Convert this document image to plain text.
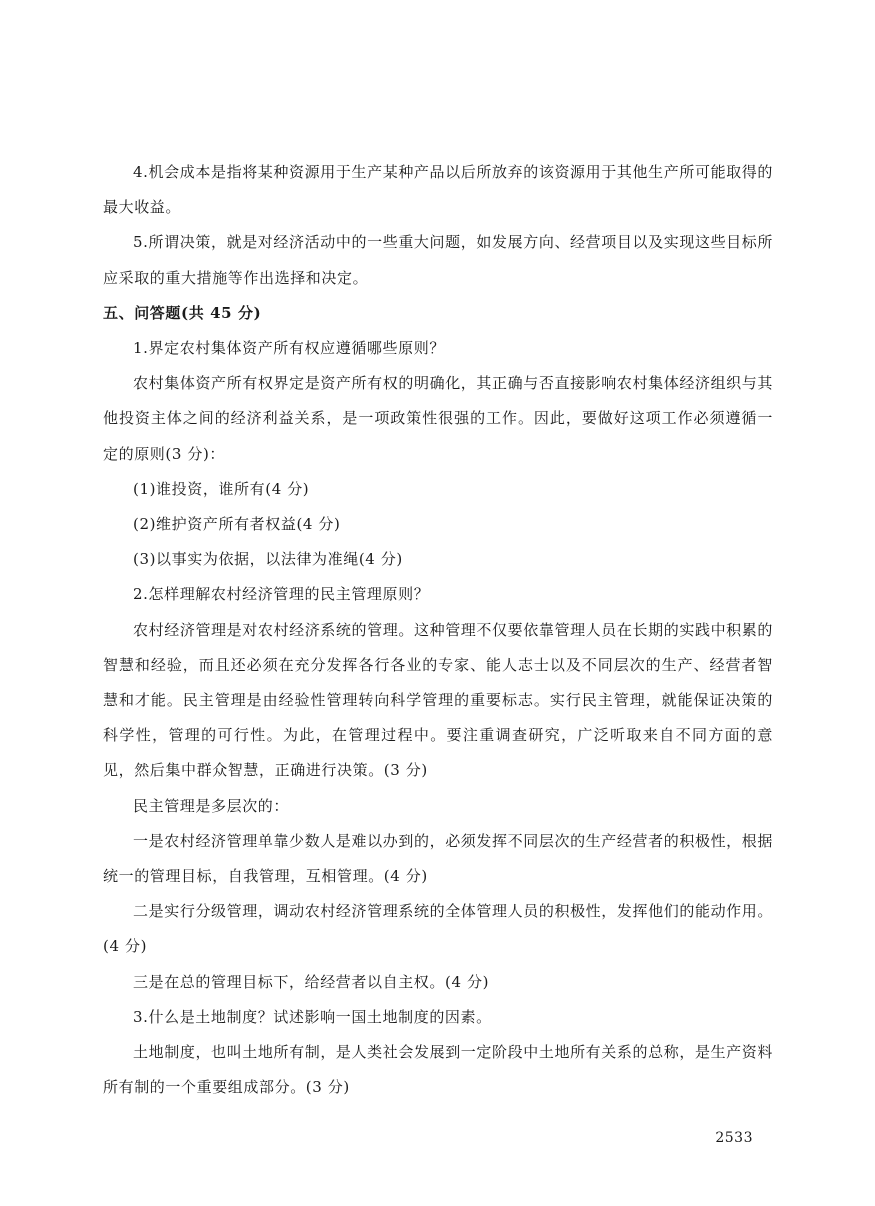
4.机会成本是指将某种资源用于生产某种产品以后所放弃的该资源用于其他生产所可能取得的最大收益。

5.所谓决策，就是对经济活动中的一些重大问题，如发展方向、经营项目以及实现这些目标所应采取的重大措施等作出选择和决定。

五、问答题(共 45 分)

1.界定农村集体资产所有权应遵循哪些原则？

农村集体资产所有权界定是资产所有权的明确化，其正确与否直接影响农村集体经济组织与其他投资主体之间的经济利益关系，是一项政策性很强的工作。因此，要做好这项工作必须遵循一定的原则(3 分)：

(1)谁投资，谁所有(4 分)

(2)维护资产所有者权益(4 分)

(3)以事实为依据，以法律为准绳(4 分)

2.怎样理解农村经济管理的民主管理原则？

农村经济管理是对农村经济系统的管理。这种管理不仅要依靠管理人员在长期的实践中积累的智慧和经验，而且还必须在充分发挥各行各业的专家、能人志士以及不同层次的生产、经营者智慧和才能。民主管理是由经验性管理转向科学管理的重要标志。实行民主管理，就能保证决策的科学性，管理的可行性。为此，在管理过程中。要注重调查研究，广泛听取来自不同方面的意见，然后集中群众智慧，正确进行决策。(3 分)

民主管理是多层次的：

一是农村经济管理单靠少数人是难以办到的，必须发挥不同层次的生产经营者的积极性，根据统一的管理目标，自我管理，互相管理。(4 分)

二是实行分级管理，调动农村经济管理系统的全体管理人员的积极性，发挥他们的能动作用。(4 分)

三是在总的管理目标下，给经营者以自主权。(4 分)

3.什么是土地制度？试述影响一国土地制度的因素。

土地制度，也叫土地所有制，是人类社会发展到一定阶段中土地所有关系的总称，是生产资料所有制的一个重要组成部分。(3 分)

2533
